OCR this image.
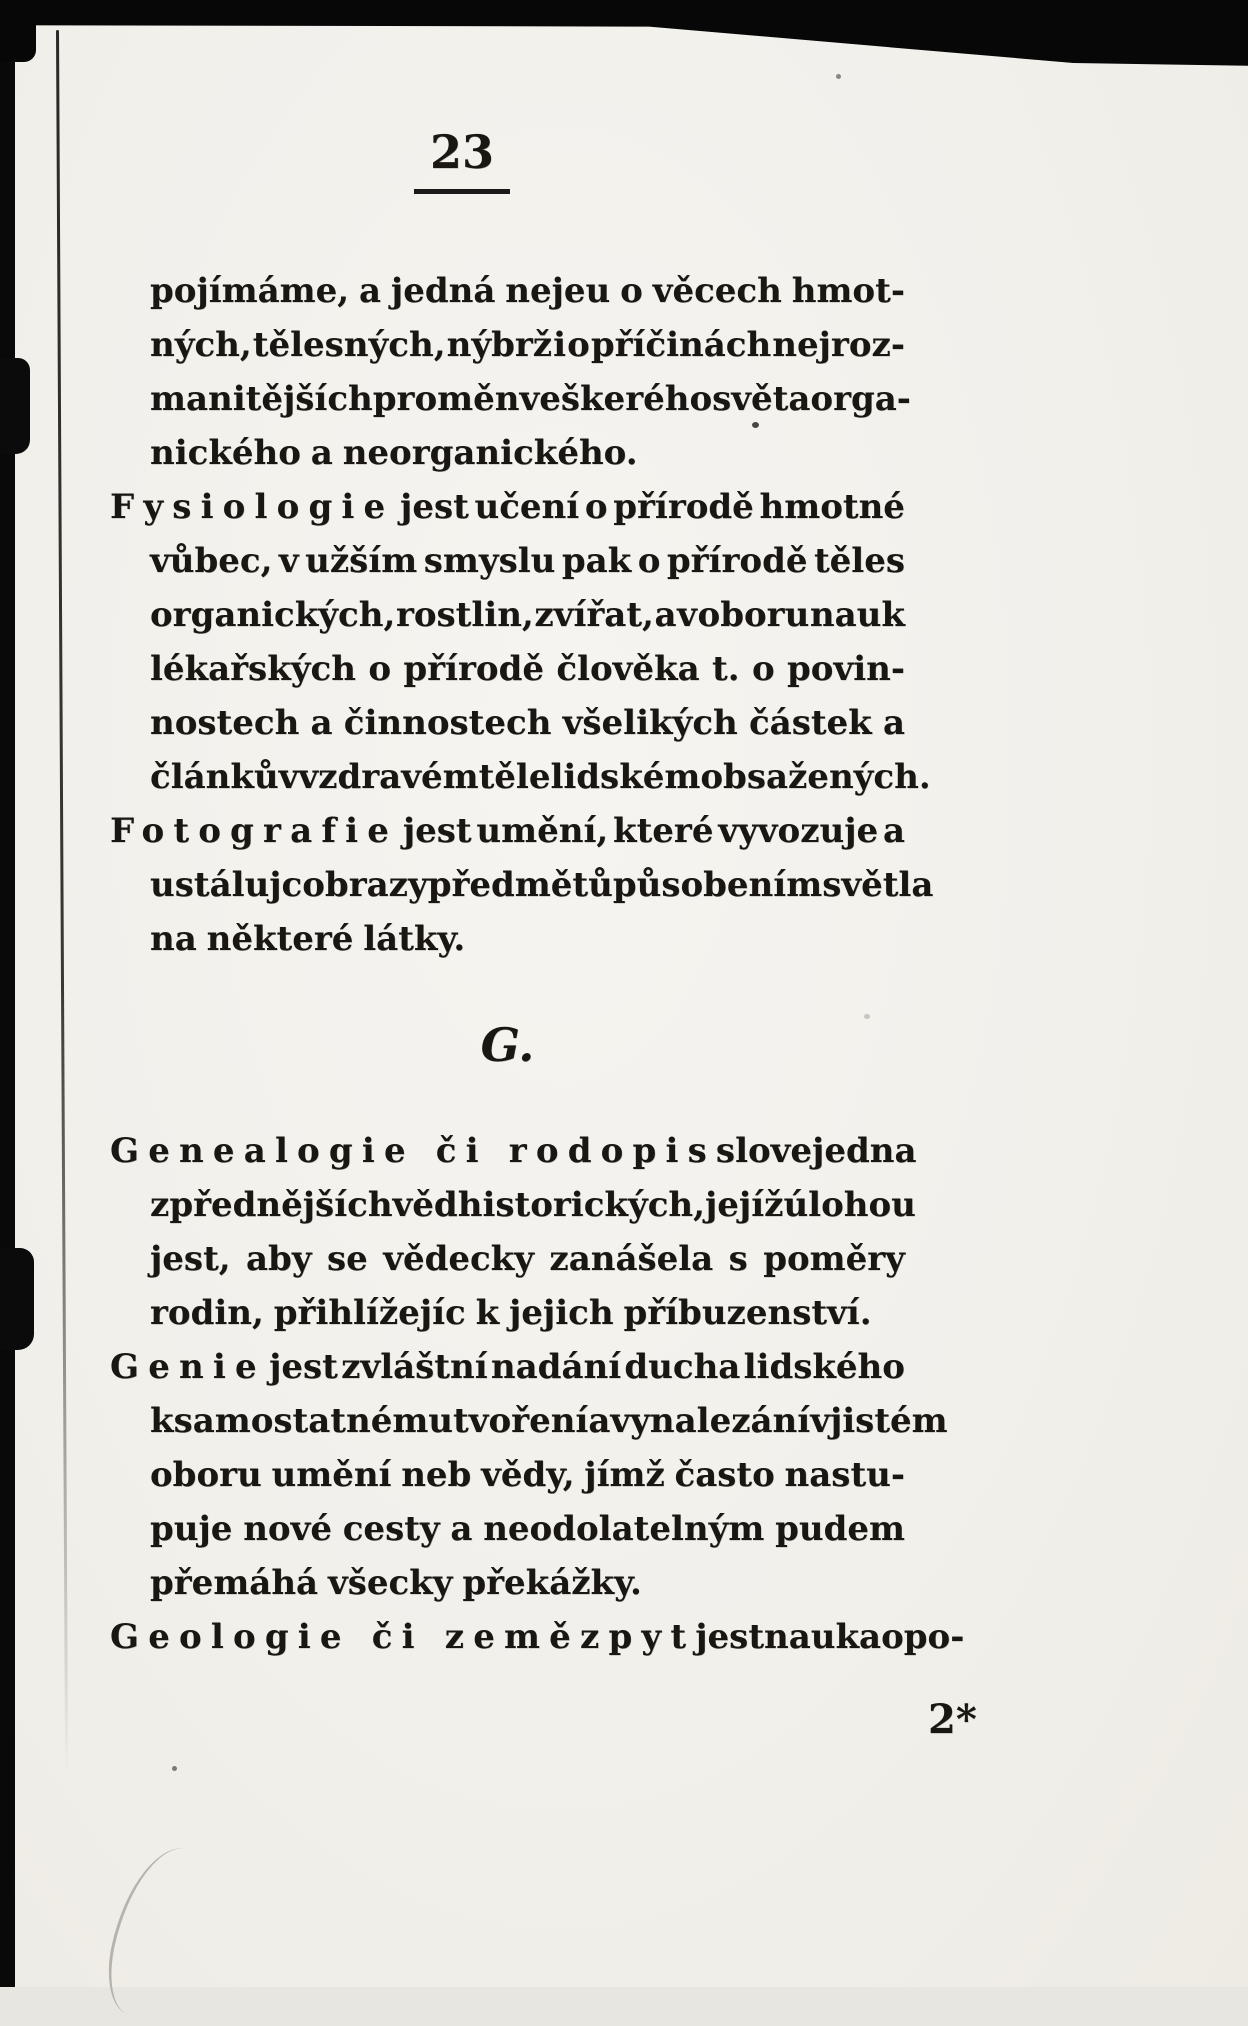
23
pojímáme, a jedná nejeu o věcech hmot-
ných, tělesných, nýbrž i o příčinách nejroz-
manitějších proměn veškerého světa orga-
nického a neorganického.
Fysiologie jest učení o přírodě hmotné
vůbec, v užším smyslu pak o přírodě těles
organických, rostlin, zvířat, a v oboru nauk
lékařských o přírodě člověka t. o povin-
nostech a činnostech všelikých částek a
článkův v zdravém těle lidském obsažených.
Fotografie jest umění, které vyvozuje a
ustálujc obrazy předmětů působením světla
na některé látky.
G.
Genealogie či rodopis slove jedna
z přednějších věd historických, jejíž úlohou
jest, aby se vědecky zanášela s poměry
rodin, přihlížejíc k jejich příbuzenství.
Genie jest zvláštní nadání ducha lidského
k samostatnému tvoření a vynalezání v jistém
oboru umění neb vědy, jímž často nastu-
puje nové cesty a neodolatelným pudem
přemáhá všecky překážky.
Geologie či zemězpyt jest nauka o po-
2*
